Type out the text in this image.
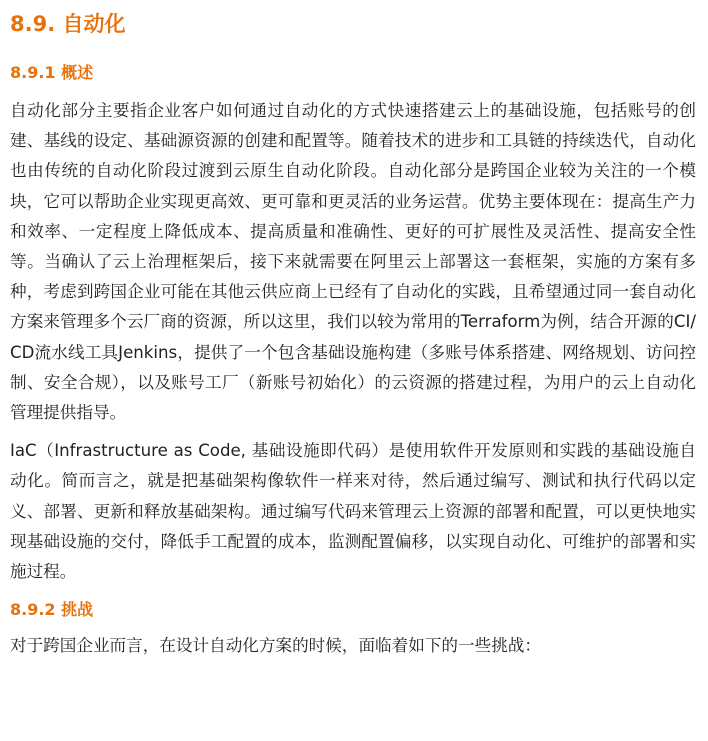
8.9. 自动化
8.9.1 概述

自动化部分主要指企业客户如何通过自动化的方式快速搭建云上的基础设施，包括账号的创建、基线的设定、基础源资源的创建和配置等。随着技术的进步和工具链的持续迭代，自动化也由传统的自动化阶段过渡到云原生自动化阶段。自动化部分是跨国企业较为关注的一个模块，它可以帮助企业实现更高效、更可靠和更灵活的业务运营。优势主要体现在：提高生产力和效率、一定程度上降低成本、提高质量和准确性、更好的可扩展性及灵活性、提高安全性等。当确认了云上治理框架后，接下来就需要在阿里云上部署这一套框架，实施的方案有多种，考虑到跨国企业可能在其他云供应商上已经有了自动化的实践，且希望通过同一套自动化方案来管理多个云厂商的资源，所以这里，我们以较为常用的Terraform为例，结合开源的CI/CD流水线工具Jenkins，提供了一个包含基础设施构建（多账号体系搭建、网络规划、访问控制、安全合规），以及账号工厂（新账号初始化）的云资源的搭建过程，为用户的云上自动化管理提供指导。

IaC（Infrastructure as Code, 基础设施即代码）是使用软件开发原则和实践的基础设施自动化。简而言之，就是把基础架构像软件一样来对待，然后通过编写、测试和执行代码以定义、部署、更新和释放基础架构。通过编写代码来管理云上资源的部署和配置，可以更快地实现基础设施的交付，降低手工配置的成本，监测配置偏移，以实现自动化、可维护的部署和实施过程。

8.9.2 挑战

对于跨国企业而言，在设计自动化方案的时候，面临着如下的一些挑战：
